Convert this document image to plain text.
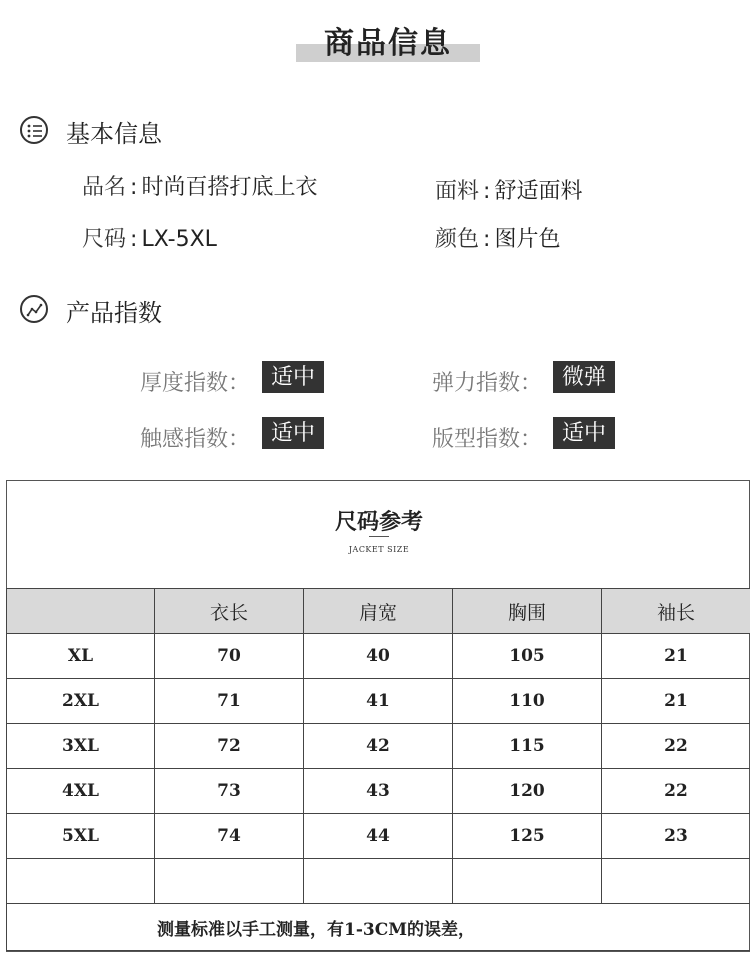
商品信息
基本信息
品名 : 时尚百搭打底上衣	面料 : 舒适面料
尺码 : LX-5XL	颜色 : 图片色
产品指数
厚度指数： 适中	弹力指数： 微弹
触感指数： 适中	版型指数： 适中
尺码参考
JACKET SIZE
	衣长	肩宽	胸围	袖长
XL	70	40	105	21
2XL	71	41	110	21
3XL	72	42	115	22
4XL	73	43	120	22
5XL	74	44	125	23

测量标准以手工测量，有1-3CM的误差，				
